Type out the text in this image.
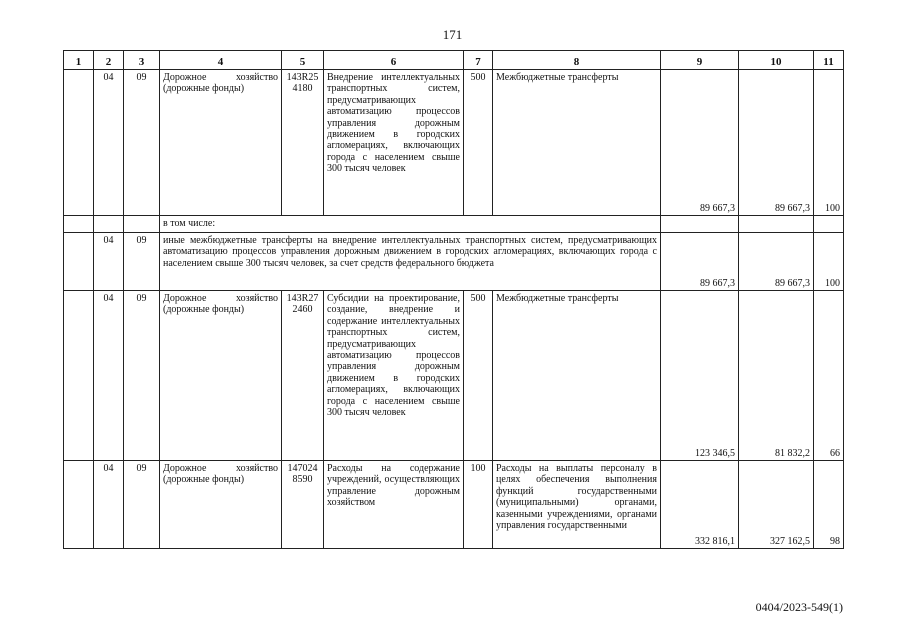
171
1	2	3	4	5	6	7	8	9	10	11
	04	09	Дорожное хозяйство (дорожные фонды)	143R25 4180	Внедрение интеллектуальных транспортных систем, предусматривающих автоматизацию процессов управления дорожным движением в городских агломерациях, включающих города с населением свыше 300 тысяч человек	500	Межбюджетные трансферты	89 667,3	89 667,3	100
			в том числе:							
	04	09	иные межбюджетные трансферты на внедрение интеллектуальных транспортных систем, предусматривающих автоматизацию процессов управления дорожным движением в городских агломерациях, включающих города с населением свыше 300 тысяч человек, за счет средств федерального бюджета					89 667,3	89 667,3	100
	04	09	Дорожное хозяйство (дорожные фонды)	143R27 2460	Субсидии на проектирование, создание, внедрение и содержание интеллектуальных транспортных систем, предусматривающих автоматизацию процессов управления дорожным движением в городских агломерациях, включающих города с населением свыше 300 тысяч человек	500	Межбюджетные трансферты	123 346,5	81 832,2	66
	04	09	Дорожное хозяйство (дорожные фонды)	147024 8590	Расходы на содержание учреждений, осуществляющих управление дорожным хозяйством	100	Расходы на выплаты персоналу в целях обеспечения выполнения функций государственными (муниципальными) органами, казенными учреждениями, органами управления государственными	332 816,1	327 162,5	98
0404/2023-549(1)
